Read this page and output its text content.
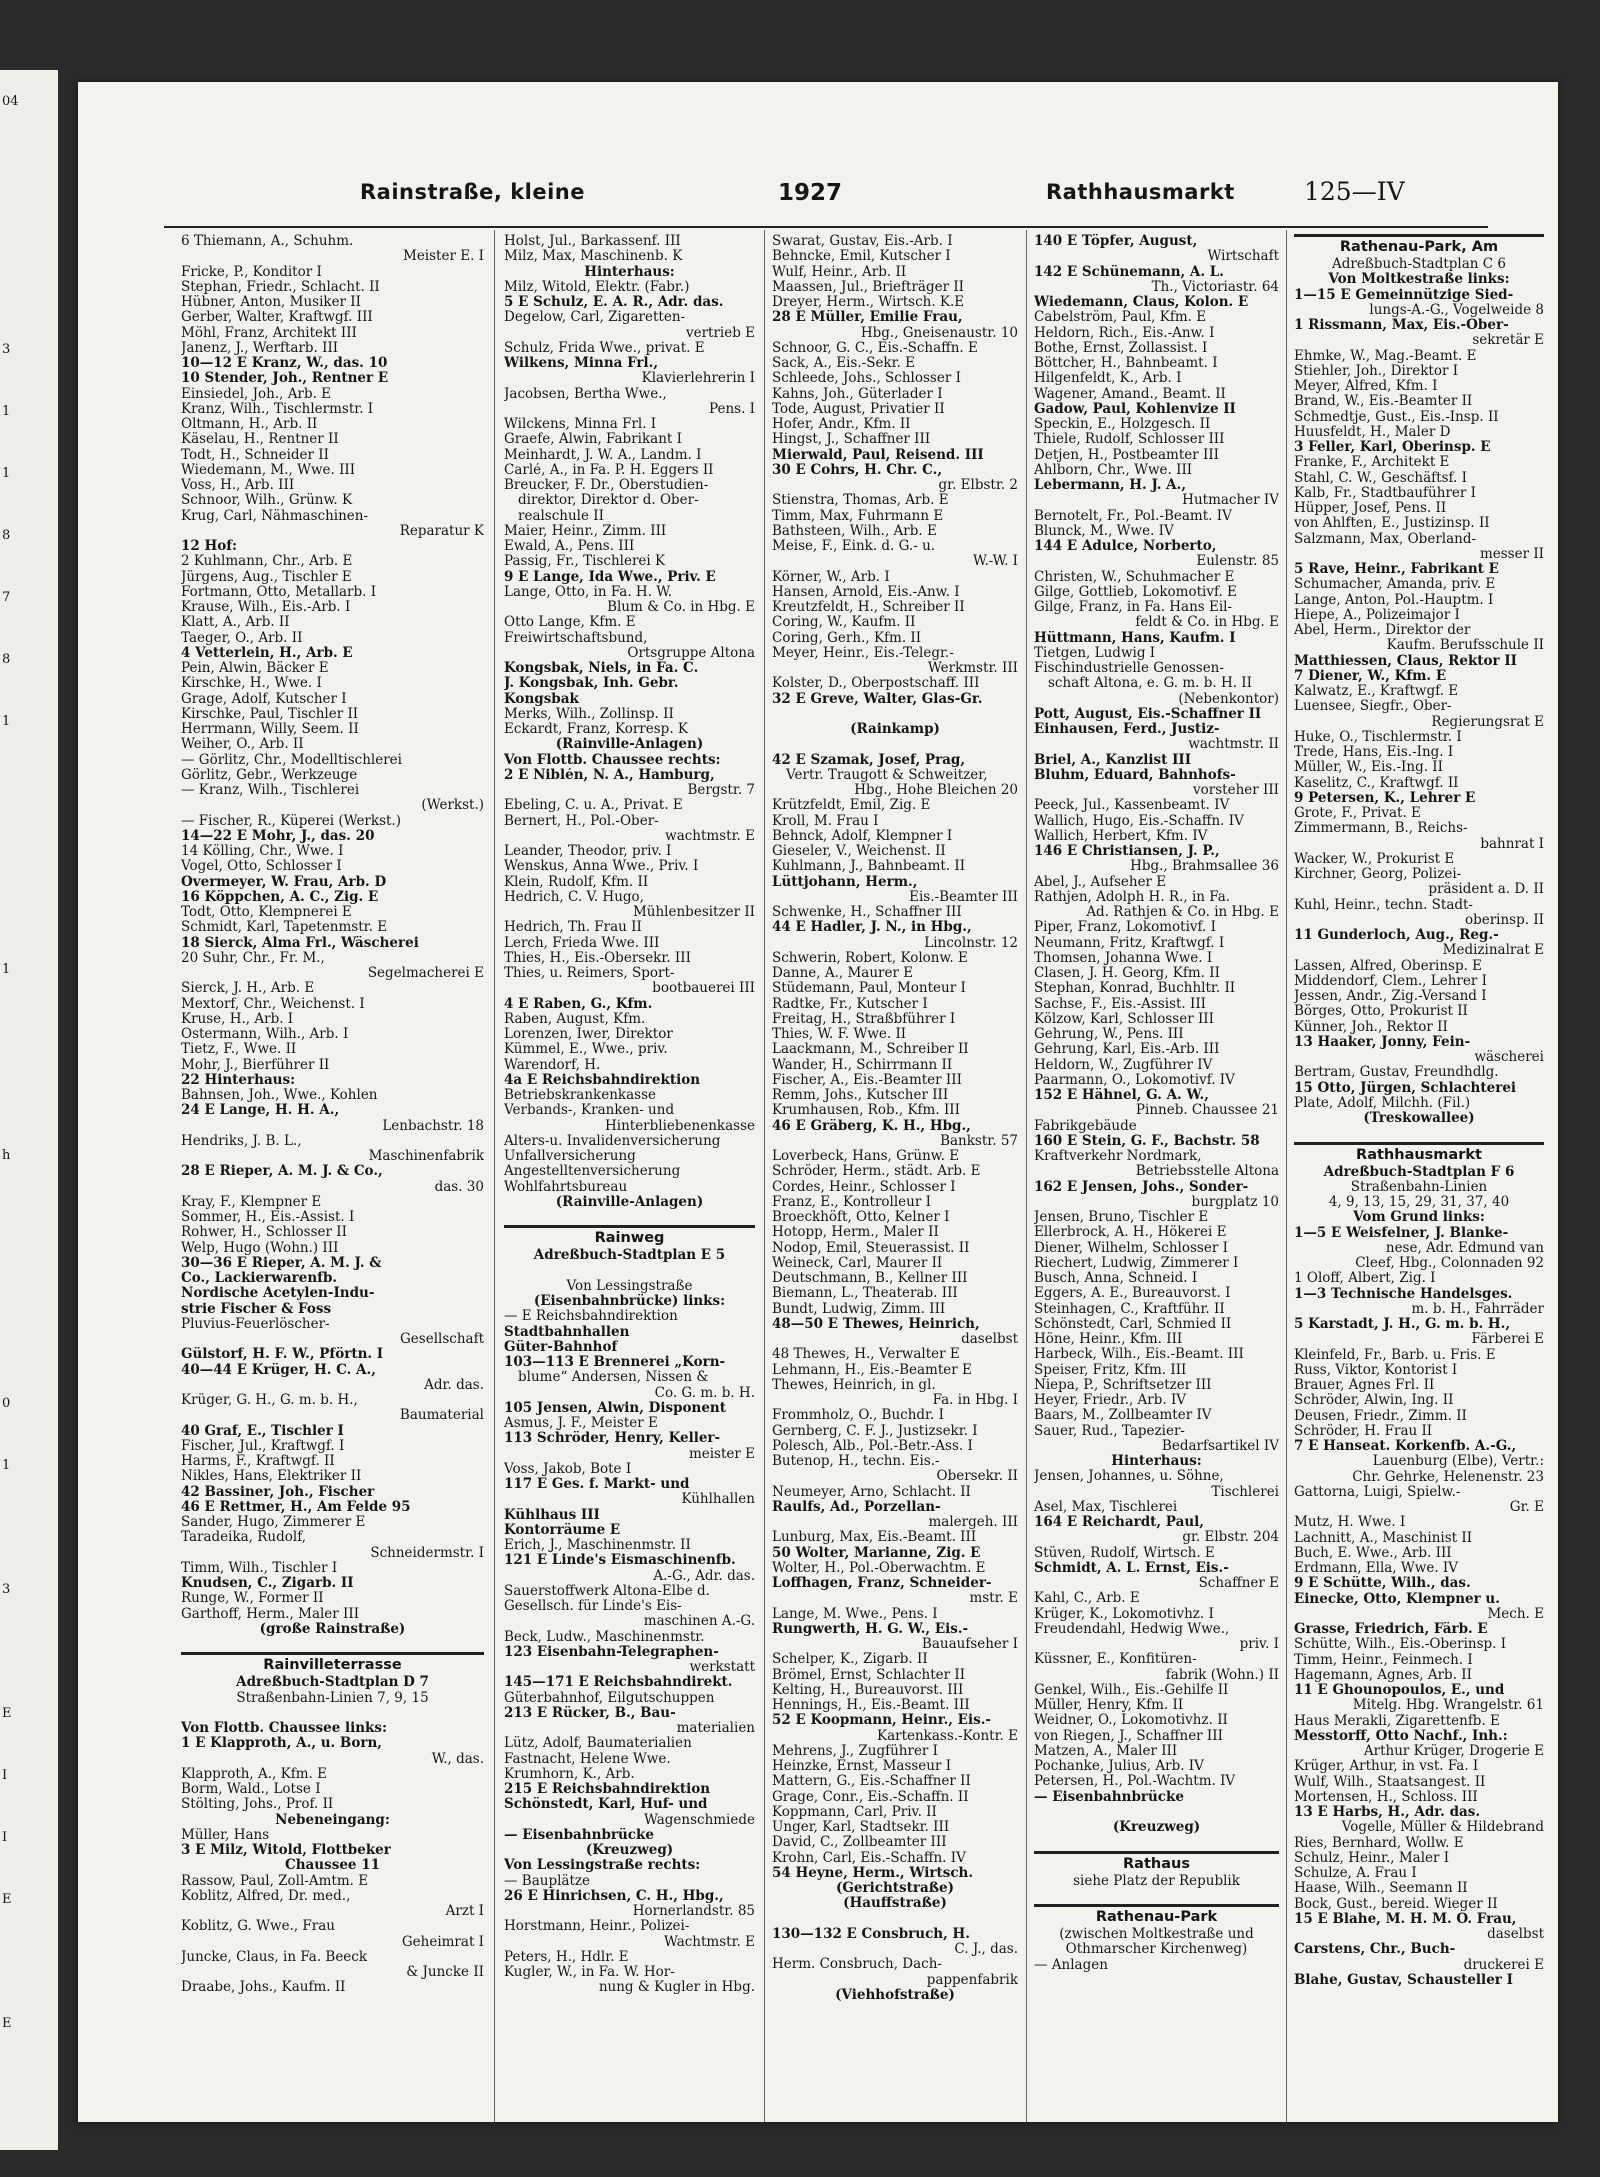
04
3
1
1
8
7
8
1
1
h
0
1
3
E
I
I
E
E
Rainstraße, kleine	1927	Rathhausmarkt	125—IV
6 Thiemann, A., Schuhm.
Meister E. I
Fricke, P., Konditor I
Stephan, Friedr., Schlacht. II
Hübner, Anton, Musiker II
Gerber, Walter, Kraftwgf. III
Möhl, Franz, Architekt III
Janenz, J., Werftarb. III
10—12 E Kranz, W., das. 10
10 Stender, Joh., Rentner E
Einsiedel, Joh., Arb. E
Kranz, Wilh., Tischlermstr. I
Oltmann, H., Arb. II
Käselau, H., Rentner II
Todt, H., Schneider II
Wiedemann, M., Wwe. III
Voss, H., Arb. III
Schnoor, Wilh., Grünw. K
Krug, Carl, Nähmaschinen-
Reparatur K
12 Hof:
2 Kuhlmann, Chr., Arb. E
Jürgens, Aug., Tischler E
Fortmann, Otto, Metallarb. I
Krause, Wilh., Eis.-Arb. I
Klatt, A., Arb. II
Taeger, O., Arb. II
4 Vetterlein, H., Arb. E
Pein, Alwin, Bäcker E
Kirschke, H., Wwe. I
Grage, Adolf, Kutscher I
Kirschke, Paul, Tischler II
Herrmann, Willy, Seem. II
Weiher, O., Arb. II
— Görlitz, Chr., Modelltischlerei
Görlitz, Gebr., Werkzeuge
— Kranz, Wilh., Tischlerei
(Werkst.)
— Fischer, R., Küperei (Werkst.)
14—22 E Mohr, J., das. 20
14 Kölling, Chr., Wwe. I
Vogel, Otto, Schlosser I
Overmeyer, W. Frau, Arb. D
16 Köppchen, A. C., Zig. E
Todt, Otto, Klempnerei E
Schmidt, Karl, Tapetenmstr. E
18 Sierck, Alma Frl., Wäscherei
20 Suhr, Chr., Fr. M.,
Segelmacherei E
Sierck, J. H., Arb. E
Mextorf, Chr., Weichenst. I
Kruse, H., Arb. I
Ostermann, Wilh., Arb. I
Tietz, F., Wwe. II
Mohr, J., Bierführer II
22 Hinterhaus:
Bahnsen, Joh., Wwe., Kohlen
24 E Lange, H. H. A.,
Lenbachstr. 18
Hendriks, J. B. L.,
Maschinenfabrik
28 E Rieper, A. M. J. & Co.,
das. 30
Kray, F., Klempner E
Sommer, H., Eis.-Assist. I
Rohwer, H., Schlosser II
Welp, Hugo (Wohn.) III
30—36 E Rieper, A. M. J. &
Co., Lackierwarenfb.
Nordische Acetylen-Indu-
strie Fischer & Foss
Pluvius-Feuerlöscher-
Gesellschaft
Gülstorf, H. F. W., Pförtn. I
40—44 E Krüger, H. C. A.,
Adr. das.
Krüger, G. H., G. m. b. H.,
Baumaterial
40 Graf, E., Tischler I
Fischer, Jul., Kraftwgf. I
Harms, F., Kraftwgf. II
Nikles, Hans, Elektriker II
42 Bassiner, Joh., Fischer
46 E Rettmer, H., Am Felde 95
Sander, Hugo, Zimmerer E
Taradeika, Rudolf,
Schneidermstr. I
Timm, Wilh., Tischler I
Knudsen, C., Zigarb. II
Runge, W., Former II
Garthoff, Herm., Maler III
(große Rainstraße)
Rainvilleterrasse
Adreßbuch-Stadtplan D 7
Straßenbahn-Linien 7, 9, 15
Von Flottb. Chaussee links:
1 E Klapproth, A., u. Born,
W., das.
Klapproth, A., Kfm. E
Borm, Wald., Lotse I
Stölting, Johs., Prof. II
Nebeneingang:
Müller, Hans
3 E Milz, Witold, Flottbeker
Chaussee 11
Rassow, Paul, Zoll-Amtm. E
Koblitz, Alfred, Dr. med.,
Arzt I
Koblitz, G. Wwe., Frau
Geheimrat I
Juncke, Claus, in Fa. Beeck
& Juncke II
Draabe, Johs., Kaufm. II
Holst, Jul., Barkassenf. III
Milz, Max, Maschinenb. K
Hinterhaus:
Milz, Witold, Elektr. (Fabr.)
5 E Schulz, E. A. R., Adr. das.
Degelow, Carl, Zigaretten-
vertrieb E
Schulz, Frida Wwe., privat. E
Wilkens, Minna Frl.,
Klavierlehrerin I
Jacobsen, Bertha Wwe.,
Pens. I
Wilckens, Minna Frl. I
Graefe, Alwin, Fabrikant I
Meinhardt, J. W. A., Landm. I
Carlé, A., in Fa. P. H. Eggers II
Breucker, F. Dr., Oberstudien-
direktor, Direktor d. Ober-
realschule II
Maier, Heinr., Zimm. III
Ewald, A., Pens. III
Passig, Fr., Tischlerei K
9 E Lange, Ida Wwe., Priv. E
Lange, Otto, in Fa. H. W.
Blum & Co. in Hbg. E
Otto Lange, Kfm. E
Freiwirtschaftsbund,
Ortsgruppe Altona
Kongsbak, Niels, in Fa. C.
J. Kongsbak, Inh. Gebr.
Kongsbak
Merks, Wilh., Zollinsp. II
Eckardt, Franz, Korresp. K
(Rainville-Anlagen)
Von Flottb. Chaussee rechts:
2 E Niblén, N. A., Hamburg,
Bergstr. 7
Ebeling, C. u. A., Privat. E
Bernert, H., Pol.-Ober-
wachtmstr. E
Leander, Theodor, priv. I
Wenskus, Anna Wwe., Priv. I
Klein, Rudolf, Kfm. II
Hedrich, C. V. Hugo,
Mühlenbesitzer II
Hedrich, Th. Frau II
Lerch, Frieda Wwe. III
Thies, H., Eis.-Obersekr. III
Thies, u. Reimers, Sport-
bootbauerei III
4 E Raben, G., Kfm.
Raben, August, Kfm.
Lorenzen, Iwer, Direktor
Kümmel, E., Wwe., priv.
Warendorf, H.
4a E Reichsbahndirektion
Betriebskrankenkasse
Verbands-, Kranken- und
Hinterbliebenenkasse
Alters-u. Invalidenversicherung
Unfallversicherung
Angestelltenversicherung
Wohlfahrtsbureau
(Rainville-Anlagen)
Rainweg
Adreßbuch-Stadtplan E 5
Von Lessingstraße
(Eisenbahnbrücke) links:
— E Reichsbahndirektion
Stadtbahnhallen
Güter-Bahnhof
103—113 E Brennerei „Korn-
blume“ Andersen, Nissen &
Co. G. m. b. H.
105 Jensen, Alwin, Disponent
Asmus, J. F., Meister E
113 Schröder, Henry, Keller-
meister E
Voss, Jakob, Bote I
117 E Ges. f. Markt- und
Kühlhallen
Kühlhaus III
Kontorräume E
Erich, J., Maschinenmstr. II
121 E Linde's Eismaschinenfb.
A.-G., Adr. das.
Sauerstoffwerk Altona-Elbe d.
Gesellsch. für Linde's Eis-
maschinen A.-G.
Beck, Ludw., Maschinenmstr.
123 Eisenbahn-Telegraphen-
werkstatt
145—171 E Reichsbahndirekt.
Güterbahnhof, Eilgutschuppen
213 E Rücker, B., Bau-
materialien
Lütz, Adolf, Baumaterialien
Fastnacht, Helene Wwe.
Krumhorn, K., Arb.
215 E Reichsbahndirektion
Schönstedt, Karl, Huf- und
Wagenschmiede
— Eisenbahnbrücke
(Kreuzweg)
Von Lessingstraße rechts:
— Bauplätze
26 E Hinrichsen, C. H., Hbg.,
Hornerlandstr. 85
Horstmann, Heinr., Polizei-
Wachtmstr. E
Peters, H., Hdlr. E
Kugler, W., in Fa. W. Hor-
nung & Kugler in Hbg.
Swarat, Gustav, Eis.-Arb. I
Behncke, Emil, Kutscher I
Wulf, Heinr., Arb. II
Maassen, Jul., Briefträger II
Dreyer, Herm., Wirtsch. K.E
28 E Müller, Emilie Frau,
Hbg., Gneisenaustr. 10
Schnoor, G. C., Eis.-Schaffn. E
Sack, A., Eis.-Sekr. E
Schleede, Johs., Schlosser I
Kahns, Joh., Güterlader I
Tode, August, Privatier II
Hofer, Andr., Kfm. II
Hingst, J., Schaffner III
Mierwald, Paul, Reisend. III
30 E Cohrs, H. Chr. C.,
gr. Elbstr. 2
Stienstra, Thomas, Arb. E
Timm, Max, Fuhrmann E
Bathsteen, Wilh., Arb. E
Meise, F., Eink. d. G.- u.
W.-W. I
Körner, W., Arb. I
Hansen, Arnold, Eis.-Anw. I
Kreutzfeldt, H., Schreiber II
Coring, W., Kaufm. II
Coring, Gerh., Kfm. II
Meyer, Heinr., Eis.-Telegr.-
Werkmstr. III
Kolster, D., Oberpostschaff. III
32 E Greve, Walter, Glas-Gr.
(Rainkamp)
42 E Szamak, Josef, Prag,
Vertr. Traugott & Schweitzer,
Hbg., Hohe Bleichen 20
Krützfeldt, Emil, Zig. E
Kroll, M. Frau I
Behnck, Adolf, Klempner I
Gieseler, V., Weichenst. II
Kuhlmann, J., Bahnbeamt. II
Lüttjohann, Herm.,
Eis.-Beamter III
Schwenke, H., Schaffner III
44 E Hadler, J. N., in Hbg.,
Lincolnstr. 12
Schwerin, Robert, Kolonw. E
Danne, A., Maurer E
Stüdemann, Paul, Monteur I
Radtke, Fr., Kutscher I
Freitag, H., Straßbführer I
Thies, W. F. Wwe. II
Laackmann, M., Schreiber II
Wander, H., Schirrmann II
Fischer, A., Eis.-Beamter III
Remm, Johs., Kutscher III
Krumhausen, Rob., Kfm. III
46 E Gräberg, K. H., Hbg.,
Bankstr. 57
Loverbeck, Hans, Grünw. E
Schröder, Herm., städt. Arb. E
Cordes, Heinr., Schlosser I
Franz, E., Kontrolleur I
Broeckhöft, Otto, Kelner I
Hotopp, Herm., Maler II
Nodop, Emil, Steuerassist. II
Weineck, Carl, Maurer II
Deutschmann, B., Kellner III
Biemann, L., Theaterab. III
Bundt, Ludwig, Zimm. III
48—50 E Thewes, Heinrich,
daselbst
48 Thewes, H., Verwalter E
Lehmann, H., Eis.-Beamter E
Thewes, Heinrich, in gl.
Fa. in Hbg. I
Frommholz, O., Buchdr. I
Gernberg, C. F. J., Justizsekr. I
Polesch, Alb., Pol.-Betr.-Ass. I
Butenop, H., techn. Eis.-
Obersekr. II
Neumeyer, Arno, Schlacht. II
Raulfs, Ad., Porzellan-
malergeh. III
Lunburg, Max, Eis.-Beamt. III
50 Wolter, Marianne, Zig. E
Wolter, H., Pol.-Oberwachtm. E
Loffhagen, Franz, Schneider-
mstr. E
Lange, M. Wwe., Pens. I
Rungwerth, H. G. W., Eis.-
Bauaufseher I
Schelper, K., Zigarb. II
Brömel, Ernst, Schlachter II
Kelting, H., Bureauvorst. III
Hennings, H., Eis.-Beamt. III
52 E Koopmann, Heinr., Eis.-
Kartenkass.-Kontr. E
Mehrens, J., Zugführer I
Heinzke, Ernst, Masseur I
Mattern, G., Eis.-Schaffner II
Grage, Conr., Eis.-Schaffn. II
Koppmann, Carl, Priv. II
Unger, Karl, Stadtsekr. III
David, C., Zollbeamter III
Krohn, Carl, Eis.-Schaffn. IV
54 Heyne, Herm., Wirtsch.
(Gerichtstraße)
(Hauffstraße)
130—132 E Consbruch, H.
C. J., das.
Herm. Consbruch, Dach-
pappenfabrik
(Viehhofstraße)
140 E Töpfer, August,
Wirtschaft
142 E Schünemann, A. L.
Th., Victoriastr. 64
Wiedemann, Claus, Kolon. E
Cabelström, Paul, Kfm. E
Heldorn, Rich., Eis.-Anw. I
Bothe, Ernst, Zollassist. I
Böttcher, H., Bahnbeamt. I
Hilgenfeldt, K., Arb. I
Wagener, Amand., Beamt. II
Gadow, Paul, Kohlenvize II
Speckin, E., Holzgesch. II
Thiele, Rudolf, Schlosser III
Detjen, H., Postbeamter III
Ahlborn, Chr., Wwe. III
Lebermann, H. J. A.,
Hutmacher IV
Bernotelt, Fr., Pol.-Beamt. IV
Blunck, M., Wwe. IV
144 E Adulce, Norberto,
Eulenstr. 85
Christen, W., Schuhmacher E
Gilge, Gottlieb, Lokomotivf. E
Gilge, Franz, in Fa. Hans Eil-
feldt & Co. in Hbg. E
Hüttmann, Hans, Kaufm. I
Tietgen, Ludwig I
Fischindustrielle Genossen-
schaft Altona, e. G. m. b. H. II
(Nebenkontor)
Pott, August, Eis.-Schaffner II
Einhausen, Ferd., Justiz-
wachtmstr. II
Briel, A., Kanzlist III
Bluhm, Eduard, Bahnhofs-
vorsteher III
Peeck, Jul., Kassenbeamt. IV
Wallich, Hugo, Eis.-Schaffn. IV
Wallich, Herbert, Kfm. IV
146 E Christiansen, J. P.,
Hbg., Brahmsallee 36
Abel, J., Aufseher E
Rathjen, Adolph H. R., in Fa.
Ad. Rathjen & Co. in Hbg. E
Piper, Franz, Lokomotivf. I
Neumann, Fritz, Kraftwgf. I
Thomsen, Johanna Wwe. I
Clasen, J. H. Georg, Kfm. II
Stephan, Konrad, Buchhltr. II
Sachse, F., Eis.-Assist. III
Kölzow, Karl, Schlosser III
Gehrung, W., Pens. III
Gehrung, Karl, Eis.-Arb. III
Heldorn, W., Zugführer IV
Paarmann, O., Lokomotivf. IV
152 E Hähnel, G. A. W.,
Pinneb. Chaussee 21
Fabrikgebäude
160 E Stein, G. F., Bachstr. 58
Kraftverkehr Nordmark,
Betriebsstelle Altona
162 E Jensen, Johs., Sonder-
burgplatz 10
Jensen, Bruno, Tischler E
Ellerbrock, A. H., Hökerei E
Diener, Wilhelm, Schlosser I
Riechert, Ludwig, Zimmerer I
Busch, Anna, Schneid. I
Eggers, A. E., Bureauvorst. I
Steinhagen, C., Kraftführ. II
Schönstedt, Carl, Schmied II
Höne, Heinr., Kfm. III
Harbeck, Wilh., Eis.-Beamt. III
Speiser, Fritz, Kfm. III
Niepa, P., Schriftsetzer III
Heyer, Friedr., Arb. IV
Baars, M., Zollbeamter IV
Sauer, Rud., Tapezier-
Bedarfsartikel IV
Hinterhaus:
Jensen, Johannes, u. Söhne,
Tischlerei
Asel, Max, Tischlerei
164 E Reichardt, Paul,
gr. Elbstr. 204
Stüven, Rudolf, Wirtsch. E
Schmidt, A. L. Ernst, Eis.-
Schaffner E
Kahl, C., Arb. E
Krüger, K., Lokomotivhz. I
Freudendahl, Hedwig Wwe.,
priv. I
Küssner, E., Konfitüren-
fabrik (Wohn.) II
Genkel, Wilh., Eis.-Gehilfe II
Müller, Henry, Kfm. II
Weidner, O., Lokomotivhz. II
von Riegen, J., Schaffner III
Matzen, A., Maler III
Pochanke, Julius, Arb. IV
Petersen, H., Pol.-Wachtm. IV
— Eisenbahnbrücke
(Kreuzweg)
Rathaus
siehe Platz der Republik
Rathenau-Park
(zwischen Moltkestraße und
Othmarscher Kirchenweg)
— Anlagen
Rathenau-Park, Am
Adreßbuch-Stadtplan C 6
Von Moltkestraße links:
1—15 E Gemeinnützige Sied-
lungs-A.-G., Vogelweide 8
1 Rissmann, Max, Eis.-Ober-
sekretär E
Ehmke, W., Mag.-Beamt. E
Stiehler, Joh., Direktor I
Meyer, Alfred, Kfm. I
Brand, W., Eis.-Beamter II
Schmedtje, Gust., Eis.-Insp. II
Huusfeldt, H., Maler D
3 Feller, Karl, Oberinsp. E
Franke, F., Architekt E
Stahl, C. W., Geschäftsf. I
Kalb, Fr., Stadtbauführer I
Hüpper, Josef, Pens. II
von Ahlften, E., Justizinsp. II
Salzmann, Max, Oberland-
messer II
5 Rave, Heinr., Fabrikant E
Schumacher, Amanda, priv. E
Lange, Anton, Pol.-Hauptm. I
Hiepe, A., Polizeimajor I
Abel, Herm., Direktor der
Kaufm. Berufsschule II
Matthiessen, Claus, Rektor II
7 Diener, W., Kfm. E
Kalwatz, E., Kraftwgf. E
Luensee, Siegfr., Ober-
Regierungsrat E
Huke, O., Tischlermstr. I
Trede, Hans, Eis.-Ing. I
Müller, W., Eis.-Ing. II
Kaselitz, C., Kraftwgf. II
9 Petersen, K., Lehrer E
Grote, F., Privat. E
Zimmermann, B., Reichs-
bahnrat I
Wacker, W., Prokurist E
Kirchner, Georg, Polizei-
präsident a. D. II
Kuhl, Heinr., techn. Stadt-
oberinsp. II
11 Gunderloch, Aug., Reg.-
Medizinalrat E
Lassen, Alfred, Oberinsp. E
Middendorf, Clem., Lehrer I
Jessen, Andr., Zig.-Versand I
Börges, Otto, Prokurist II
Künner, Joh., Rektor II
13 Haaker, Jonny, Fein-
wäscherei
Bertram, Gustav, Freundhdlg.
15 Otto, Jürgen, Schlachterei
Plate, Adolf, Milchh. (Fil.)
(Treskowallee)
Rathhausmarkt
Adreßbuch-Stadtplan F 6
Straßenbahn-Linien
4, 9, 13, 15, 29, 31, 37, 40
Vom Grund links:
1—5 E Weisfelner, J. Blanke-
nese, Adr. Edmund van
Cleef, Hbg., Colonnaden 92
1 Oloff, Albert, Zig. I
1—3 Technische Handelsges.
m. b. H., Fahrräder
5 Karstadt, J. H., G. m. b. H.,
Färberei E
Kleinfeld, Fr., Barb. u. Fris. E
Russ, Viktor, Kontorist I
Brauer, Agnes Frl. II
Schröder, Alwin, Ing. II
Deusen, Friedr., Zimm. II
Schröder, H. Frau II
7 E Hanseat. Korkenfb. A.-G.,
Lauenburg (Elbe), Vertr.:
Chr. Gehrke, Helenenstr. 23
Gattorna, Luigi, Spielw.-
Gr. E
Mutz, H. Wwe. I
Lachnitt, A., Maschinist II
Buch, E. Wwe., Arb. III
Erdmann, Ella, Wwe. IV
9 E Schütte, Wilh., das.
Einecke, Otto, Klempner u.
Mech. E
Grasse, Friedrich, Färb. E
Schütte, Wilh., Eis.-Oberinsp. I
Timm, Heinr., Feinmech. I
Hagemann, Agnes, Arb. II
11 E Ghounopoulos, E., und
Mitelg. Hbg. Wrangelstr. 61
Haus Merakli, Zigarettenfb. E
Messtorff, Otto Nachf., Inh.:
Arthur Krüger, Drogerie E
Krüger, Arthur, in vst. Fa. I
Wulf, Wilh., Staatsangest. II
Mortensen, H., Schloss. III
13 E Harbs, H., Adr. das.
Vogelle, Müller & Hildebrand
Ries, Bernhard, Wollw. E
Schulz, Heinr., Maler I
Schulze, A. Frau I
Haase, Wilh., Seemann II
Bock, Gust., bereid. Wieger II
15 E Blahe, M. H. M. O. Frau,
daselbst
Carstens, Chr., Buch-
druckerei E
Blahe, Gustav, Schausteller I
